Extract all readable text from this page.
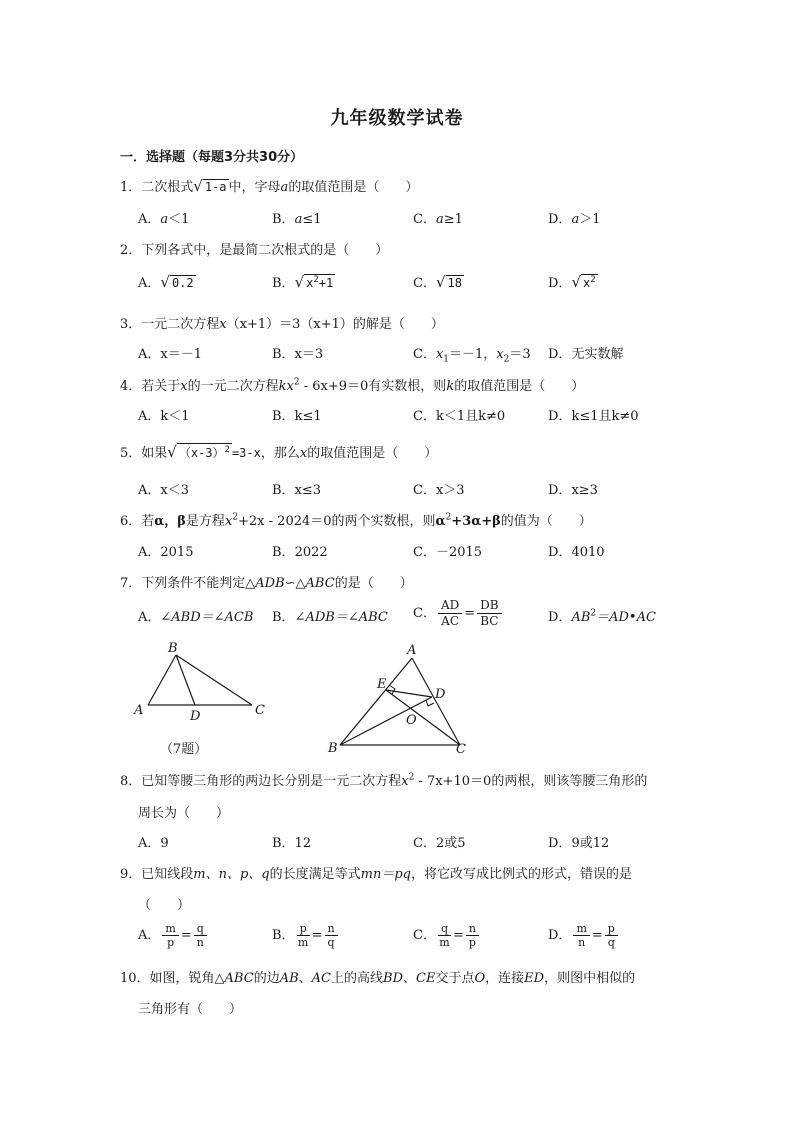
九年级数学试卷
一．选择题（每题3分共30分）
1．二次根式√ 1-a 中，字母a的取值范围是（　　）
A．a＜1	B．a≤1	C．a≥1	D．a＞1
2．下列各式中，是最简二次根式的是（　　）
A．√ 0.2	B．√ $x^2+1$	C．√ 18	D．√ $x^2$
3．一元二次方程x（x+1）＝3（x+1）的解是（　　）
A．x＝－1	B．x＝3	C．$x_1=-1$，$x_2=3$ D．无实数解
4．若关于x的一元二次方程$kx^2 - 6x+9=0$有实数根，则k的取值范围是（　　）
A．k＜1	B．k≤1	C．k＜1且k≠0	D．k≤1且k≠0
5．如果√ $(x-3)^2 =3-x$，那么x的取值范围是（　　）
A．x＜3	B．x≤3	C．x＞3	D．x≥3
6．若α，β是方程$x^2+2x - 2024=0$的两个实数根，则$\alpha^2+3\alpha+\beta$的值为（　　）
A．2015	B．2022	C．－2015	D．4010
7．下列条件不能判定△ADB∽△ABC的是（　　）
A．∠ABD＝∠ACB B．∠ADB＝∠ABC C． $\frac{AD}{AC} = \frac{DB}{BC}$	D．$AB^2=AD•AC$
B
A	D	C
（7题）
A
E
D
O
B	C
8．已知等腰三角形的两边长分别是一元二次方程$x^2 - 7x+10=0$的两根，则该等腰三角形的
周长为（　　）
A．9	B．12	C．2或5	D．9或12
9．已知线段m、n、p、q的长度满足等式mn＝pq，将它改写成比例式的形式，错误的是
（　　）
A． $\frac{m}{p} = \frac{q}{n}$	B． $\frac{p}{m} = \frac{n}{q}$	C． $\frac{q}{m} = \frac{n}{p}$	D． $\frac{m}{n} = \frac{p}{q}$
10．如图，锐角△ABC的边AB、AC上的高线BD、CE交于点O，连接ED，则图中相似的
三角形有（　　）
